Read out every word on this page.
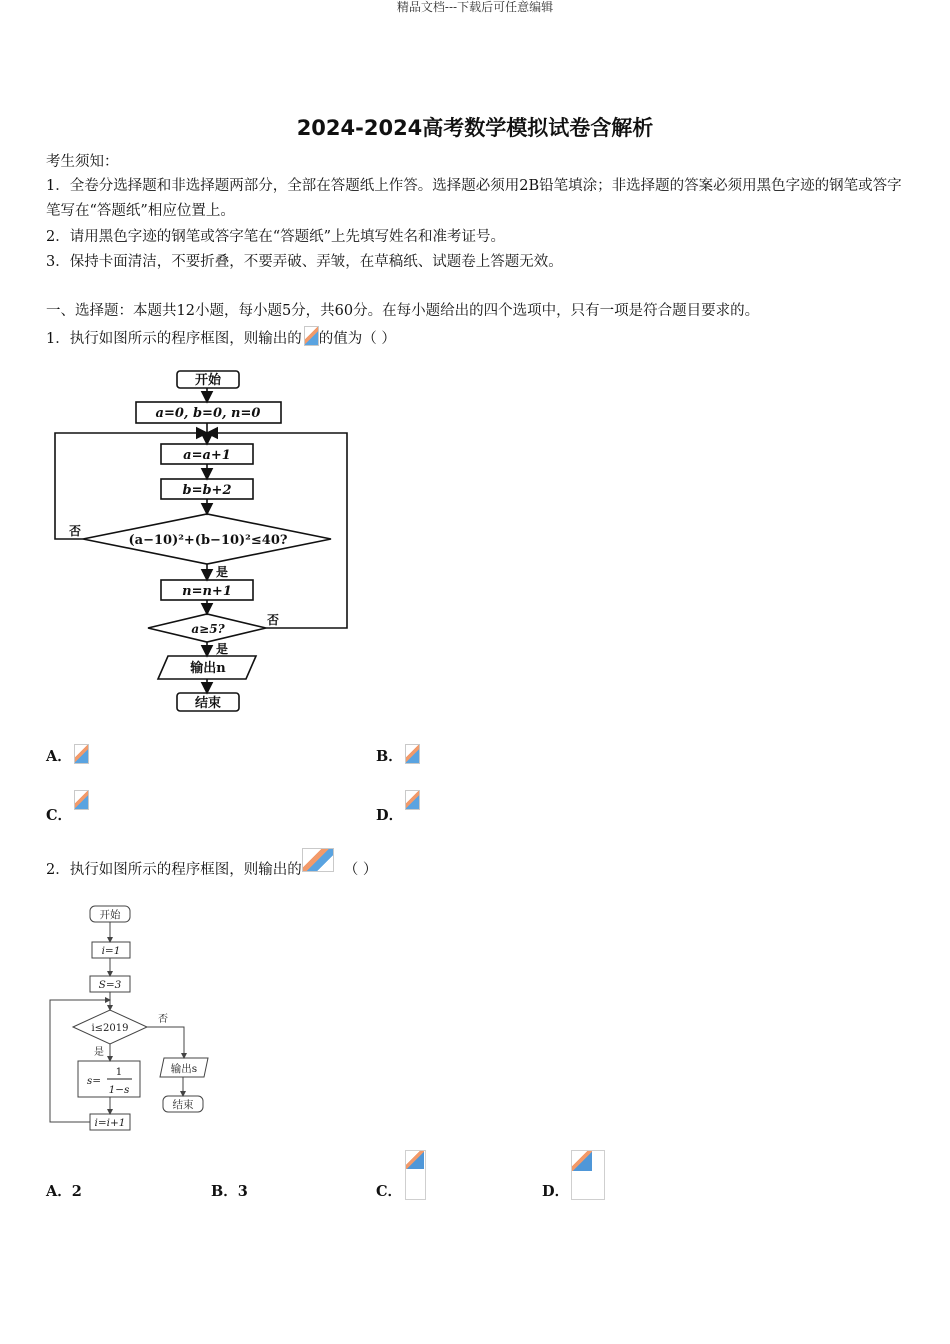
精品文档---下载后可任意编辑
2024-2024高考数学模拟试卷含解析
考生须知：
1．全卷分选择题和非选择题两部分，全部在答题纸上作答。选择题必须用2B铅笔填涂；非选择题的答案必须用黑色字迹的钢笔或答字笔写在“答题纸”相应位置上。
2．请用黑色字迹的钢笔或答字笔在“答题纸”上先填写姓名和准考证号。
3．保持卡面清洁，不要折叠，不要弄破、弄皱，在草稿纸、试题卷上答题无效。
一、选择题：本题共12小题，每小题5分，共60分。在每小题给出的四个选项中，只有一项是符合题目要求的。
1．执行如图所示的程序框图，则输出的 的值为（ ）
开始
a=0, b=0, n=0
a=a+1
b=b+2
(a−10)²+(b−10)²≤40?
n=n+1
a≥5?
输出n
结束
否
是
否
是
A．	B．
C．	D．
2．执行如图所示的程序框图，则输出的	（ ）
开始
i=1
S=3
i≤2019
s=
1
1−s
输出s
结束
i=i+1
否
是
A．2	B．3	C．	D．
